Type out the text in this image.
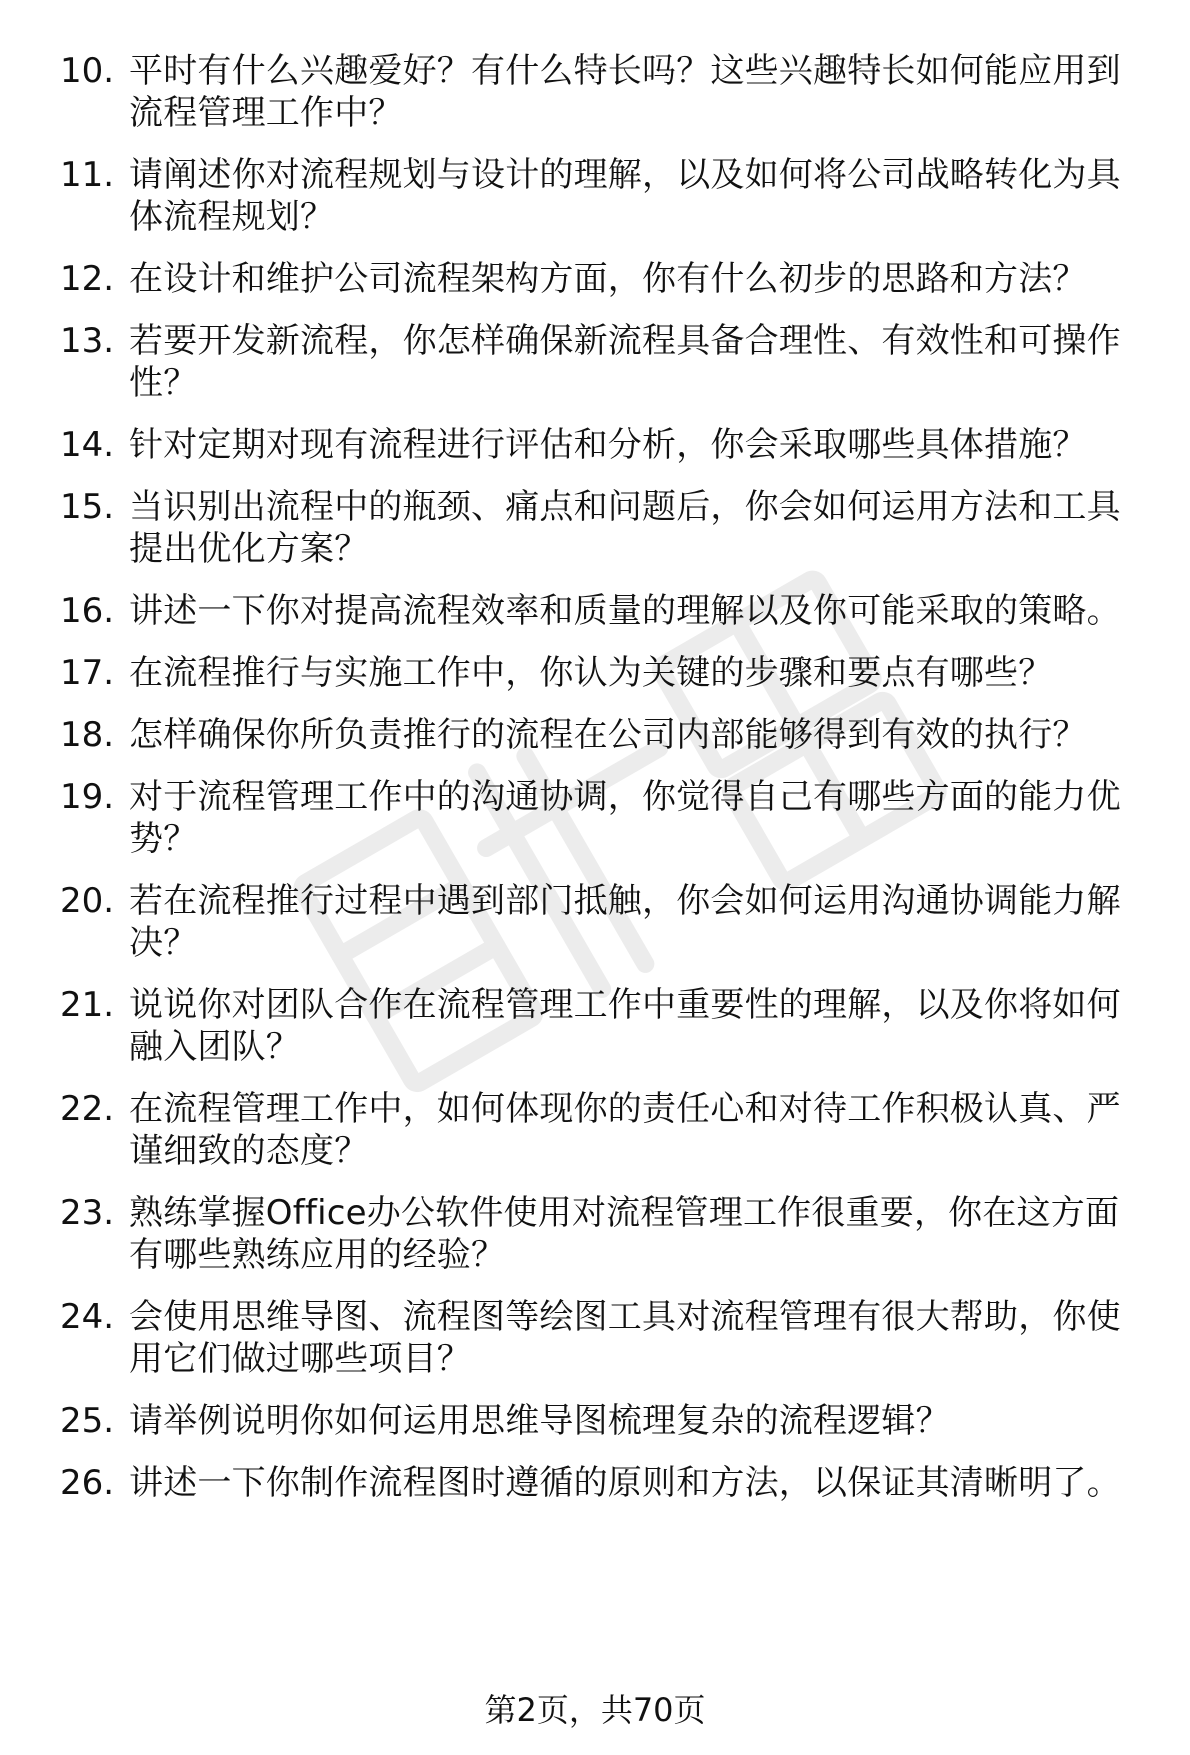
10. 平时有什么兴趣爱好？有什么特长吗？这些兴趣特长如何能应用到流程管理工作中？
11. 请阐述你对流程规划与设计的理解，以及如何将公司战略转化为具体流程规划？
12. 在设计和维护公司流程架构方面，你有什么初步的思路和方法？
13. 若要开发新流程，你怎样确保新流程具备合理性、有效性和可操作性？
14. 针对定期对现有流程进行评估和分析，你会采取哪些具体措施？
15. 当识别出流程中的瓶颈、痛点和问题后，你会如何运用方法和工具提出优化方案？
16. 讲述一下你对提高流程效率和质量的理解以及你可能采取的策略。
17. 在流程推行与实施工作中，你认为关键的步骤和要点有哪些？
18. 怎样确保你所负责推行的流程在公司内部能够得到有效的执行？
19. 对于流程管理工作中的沟通协调，你觉得自己有哪些方面的能力优势？
20. 若在流程推行过程中遇到部门抵触，你会如何运用沟通协调能力解决？
21. 说说你对团队合作在流程管理工作中重要性的理解，以及你将如何融入团队？
22. 在流程管理工作中，如何体现你的责任心和对待工作积极认真、严谨细致的态度？
23. 熟练掌握Office办公软件使用对流程管理工作很重要，你在这方面有哪些熟练应用的经验？
24. 会使用思维导图、流程图等绘图工具对流程管理有很大帮助，你使用它们做过哪些项目？
25. 请举例说明你如何运用思维导图梳理复杂的流程逻辑？
26. 讲述一下你制作流程图时遵循的原则和方法，以保证其清晰明了。
第2页，共70页
